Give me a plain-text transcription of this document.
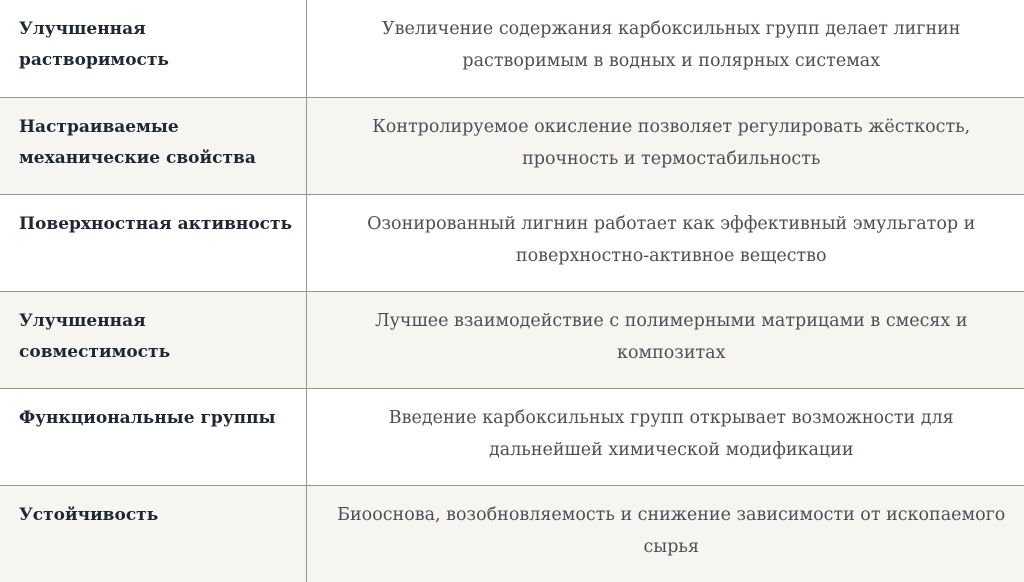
Улучшенная растворимость	Увеличение содержания карбоксильных групп делает лигнин растворимым в водных и полярных системах

Настраиваемые механические свойства	Контролируемое окисление позволяет регулировать жёсткость, прочность и термостабильность

Поверхностная активность	Озонированный лигнин работает как эффективный эмульгатор и поверхностно-активное вещество

Улучшенная совместимость	Лучшее взаимодействие с полимерными матрицами в смесях и композитах

Функциональные группы	Введение карбоксильных групп открывает возможности для дальнейшей химической модификации

Устойчивость	Биооснова, возобновляемость и снижение зависимости от ископаемого сырья
